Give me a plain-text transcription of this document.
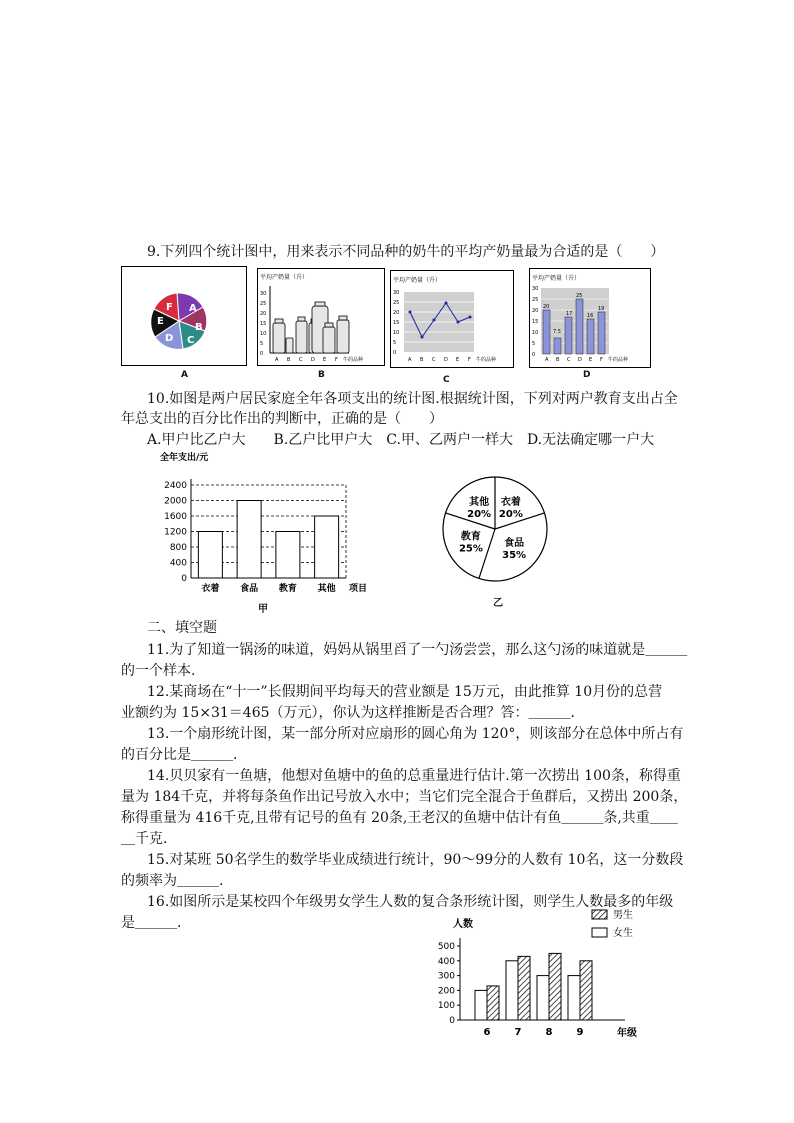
9.下列四个统计图中，用来表示不同品种的奶牛的平均产奶量最为合适的是（　　）
A
B
C
D
E
F
A
平均产奶量（升）
30
25
20
15
10
5
0
A B C D E F 牛的品种
B
平均产奶量（升）
30
25
20
15
10
5
0
A B C D E F 牛的品种
C
平均产奶量（升）
30
25
20
15
10
5
0
20
7.5
17
25
16
19
A B C D E F 牛的品种
D
10.如图是两户居民家庭全年各项支出的统计图.根据统计图，下列对两户教育支出占全
年总支出的百分比作出的判断中，正确的是（　　）
A.甲户比乙户大　　B.乙户比甲户大　C.甲、乙两户一样大　D.无法确定哪一户大
全年支出/元
2400
2000
1600
1200
800
400
0
衣着 食品 教育 其他 项目
甲
衣着
20%
食品
35%
教育
25%
其他
20%
乙
二、填空题
11.为了知道一锅汤的味道，妈妈从锅里舀了一勺汤尝尝，那么这勺汤的味道就是＿＿＿
的一个样本.
12.某商场在“十一”长假期间平均每天的营业额是 15万元，由此推算 10月份的总营
业额约为 15×31＝465（万元），你认为这样推断是否合理？答：＿＿＿.
13.一个扇形统计图，某一部分所对应扇形的圆心角为 120°，则该部分在总体中所占有
的百分比是＿＿＿.
14.贝贝家有一鱼塘，他想对鱼塘中的鱼的总重量进行估计.第一次捞出 100条，称得重
量为 184千克，并将每条鱼作出记号放入水中；当它们完全混合于鱼群后，又捞出 200条，
称得重量为 416千克,且带有记号的鱼有 20条,王老汉的鱼塘中估计有鱼＿＿＿条,共重＿＿
＿千克.
15.对某班 50名学生的数学毕业成绩进行统计，90～99分的人数有 10名，这一分数段
的频率为＿＿＿.
16.如图所示是某校四个年级男女学生人数的复合条形统计图，则学生人数最多的年级
是＿＿＿.	人数
500
400
300
200
100
0
6 7 8 9	年级
男生
女生
